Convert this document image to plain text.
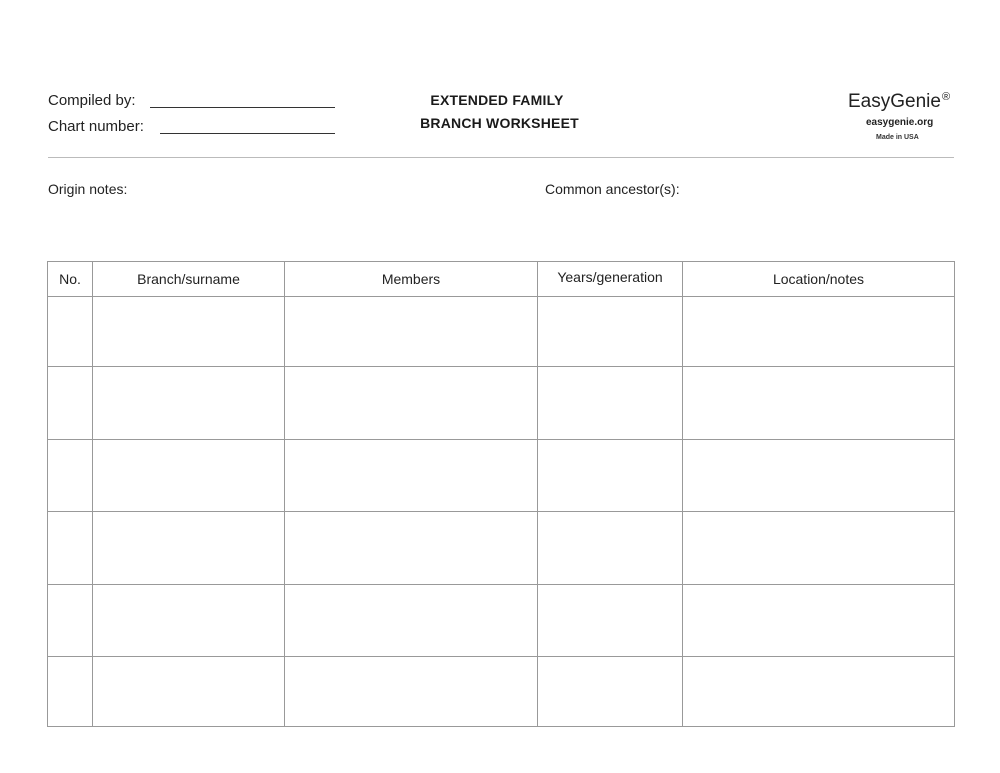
Compiled by:
Chart number:
EXTENDED FAMILY
BRANCH WORKSHEET
EasyGenie®
easygenie.org
Made in USA
Origin notes:	Common ancestor(s):
No.	Branch/surname	Members	Years/generation	Location/notes
